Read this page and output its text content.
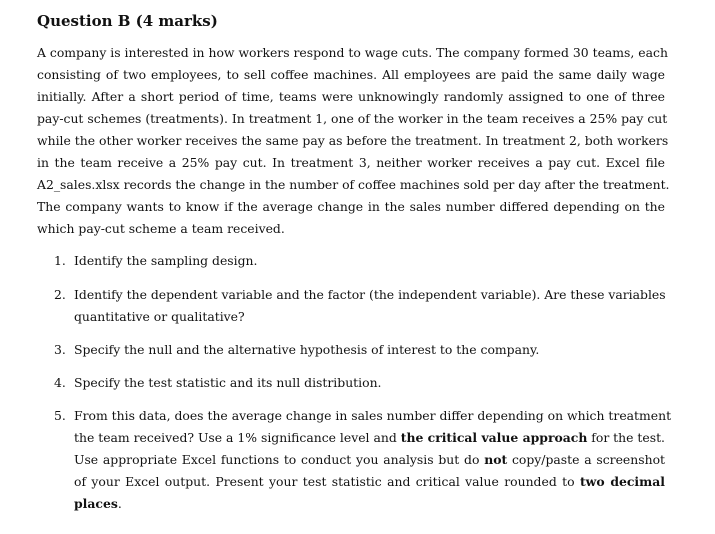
Question B (4 marks)
A company is interested in how workers respond to wage cuts. The company formed 30 teams, each
consisting of two employees, to sell coffee machines. All employees are paid the same daily wage
initially. After a short period of time, teams were unknowingly randomly assigned to one of three
pay-cut schemes (treatments). In treatment 1, one of the worker in the team receives a 25% pay cut
while the other worker receives the same pay as before the treatment. In treatment 2, both workers
in the team receive a 25% pay cut. In treatment 3, neither worker receives a pay cut. Excel file
A2_sales.xlsx records the change in the number of coffee machines sold per day after the treatment.
The company wants to know if the average change in the sales number differed depending on the
which pay-cut scheme a team received.
1. Identify the sampling design.
2. Identify the dependent variable and the factor (the independent variable). Are these variables
quantitative or qualitative?
3. Specify the null and the alternative hypothesis of interest to the company.
4. Specify the test statistic and its null distribution.
5. From this data, does the average change in sales number differ depending on which treatment
the team received? Use a 1% significance level and the critical value approach for the test.
Use appropriate Excel functions to conduct you analysis but do not copy/paste a screenshot
of your Excel output. Present your test statistic and critical value rounded to two decimal
places.
